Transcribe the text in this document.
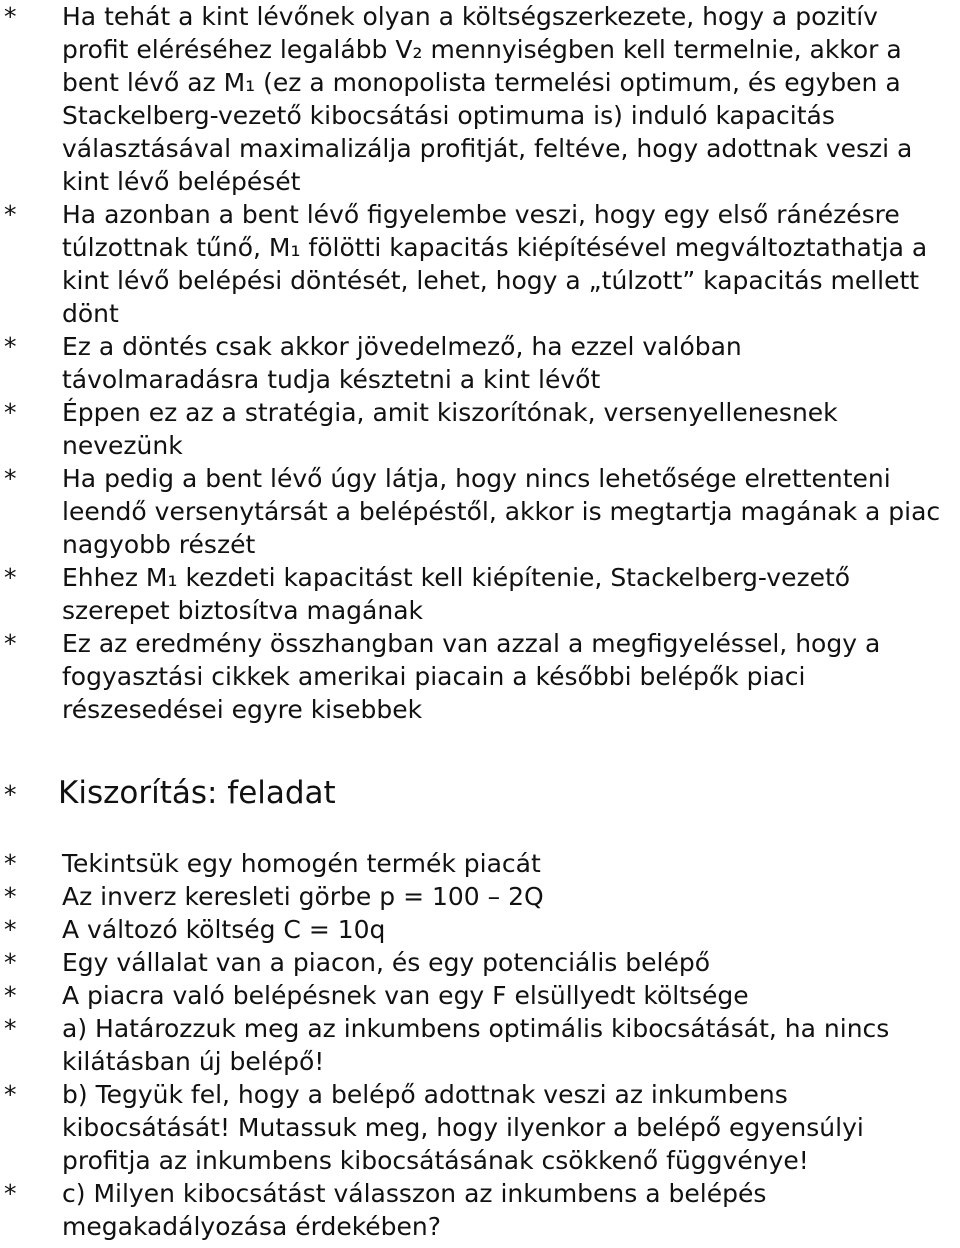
*	Ha tehát a kint lévőnek olyan a költségszerkezete, hogy a pozitív profit eléréséhez legalább V₂ mennyiségben kell termelnie, akkor a bent lévő az M₁ (ez a monopolista termelési optimum, és egyben a Stackelberg-vezető kibocsátási optimuma is) induló kapacitás választásával maximalizálja profitját, feltéve, hogy adottnak veszi a kint lévő belépését
*	Ha azonban a bent lévő figyelembe veszi, hogy egy első ránézésre túlzottnak tűnő, M₁ fölötti kapacitás kiépítésével megváltoztathatja a kint lévő belépési döntését, lehet, hogy a „túlzott” kapacitás mellett dönt
*	Ez a döntés csak akkor jövedelmező, ha ezzel valóban távolmaradásra tudja késztetni a kint lévőt
*	Éppen ez az a stratégia, amit kiszorítónak, versenyellenesnek nevezünk
*	Ha pedig a bent lévő úgy látja, hogy nincs lehetősége elrettenteni leendő versenytársát a belépéstől, akkor is megtartja magának a piac nagyobb részét
*	Ehhez M₁ kezdeti kapacitást kell kiépítenie, Stackelberg-vezető szerepet biztosítva magának
*	Ez az eredmény összhangban van azzal a megfigyeléssel, hogy a fogyasztási cikkek amerikai piacain a későbbi belépők piaci részesedései egyre kisebbek
* Kiszorítás: feladat
*	Tekintsük egy homogén termék piacát
*	Az inverz keresleti görbe p = 100 – 2Q
*	A változó költség C = 10q
*	Egy vállalat van a piacon, és egy potenciális belépő
*	A piacra való belépésnek van egy F elsüllyedt költsége
*	a) Határozzuk meg az inkumbens optimális kibocsátását, ha nincs kilátásban új belépő!
*	b) Tegyük fel, hogy a belépő adottnak veszi az inkumbens kibocsátását! Mutassuk meg, hogy ilyenkor a belépő egyensúlyi profitja az inkumbens kibocsátásának csökkenő függvénye!
*	c) Milyen kibocsátást válasszon az inkumbens a belépés megakadályozása érdekében?
